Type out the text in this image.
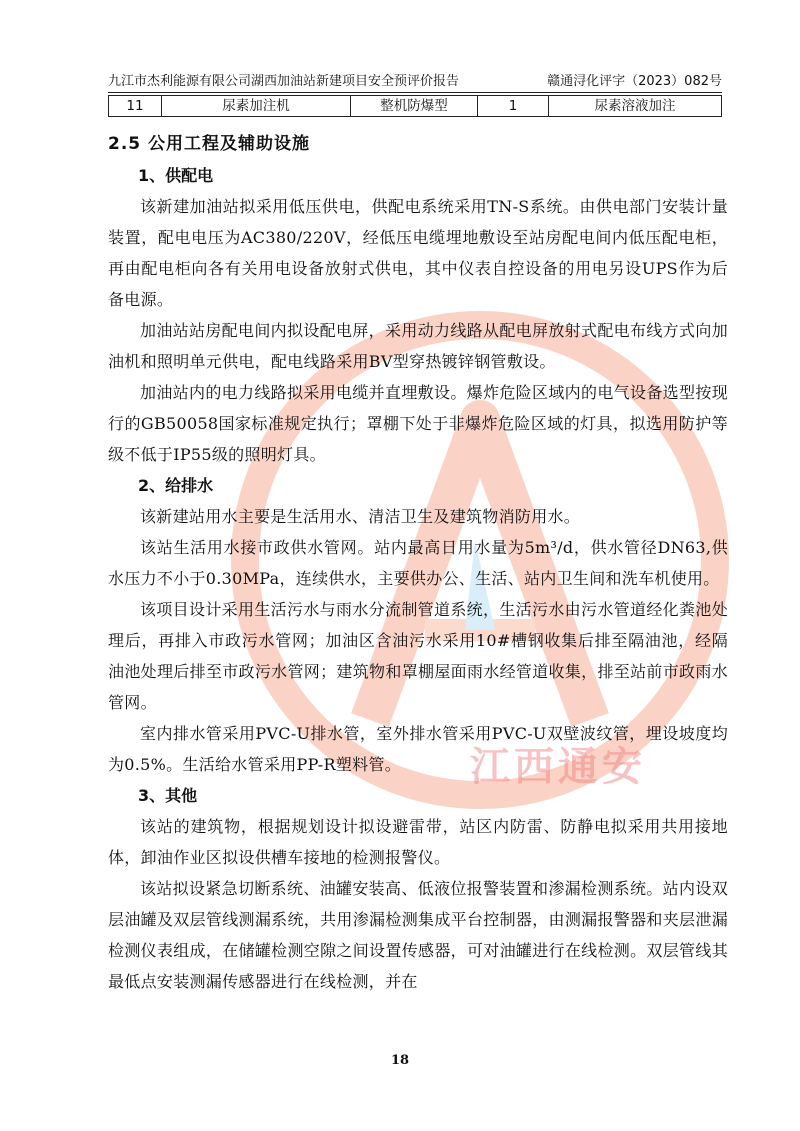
江西通安
九江市杰利能源有限公司湖西加油站新建项目安全预评价报告	赣通浔化评字（2023）082号
11	尿素加注机	整机防爆型	1	尿素溶液加注
2.5 公用工程及辅助设施
1、供配电

该新建加油站拟采用低压供电，供配电系统采用TN-S系统。由供电部门安装计量装置，配电电压为AC380/220V，经低压电缆埋地敷设至站房配电间内低压配电柜，再由配电柜向各有关用电设备放射式供电，其中仪表自控设备的用电另设UPS作为后备电源。

加油站站房配电间内拟设配电屏，采用动力线路从配电屏放射式配电布线方式向加油机和照明单元供电，配电线路采用BV型穿热镀锌钢管敷设。

加油站内的电力线路拟采用电缆并直埋敷设。爆炸危险区域内的电气设备选型按现行的GB50058国家标准规定执行；罩棚下处于非爆炸危险区域的灯具，拟选用防护等级不低于IP55级的照明灯具。

2、给排水

该新建站用水主要是生活用水、清洁卫生及建筑物消防用水。

该站生活用水接市政供水管网。站内最高日用水量为5m³/d，供水管径DN63,供水压力不小于0.30MPa，连续供水，主要供办公、生活、站内卫生间和洗车机使用。

该项目设计采用生活污水与雨水分流制管道系统，生活污水由污水管道经化粪池处理后，再排入市政污水管网；加油区含油污水采用10#槽钢收集后排至隔油池，经隔油池处理后排至市政污水管网；建筑物和罩棚屋面雨水经管道收集，排至站前市政雨水管网。

室内排水管采用PVC-U排水管，室外排水管采用PVC-U双壁波纹管，埋设坡度均为0.5%。生活给水管采用PP-R塑料管。

3、其他

该站的建筑物，根据规划设计拟设避雷带，站区内防雷、防静电拟采用共用接地体，卸油作业区拟设供槽车接地的检测报警仪。

该站拟设紧急切断系统、油罐安装高、低液位报警装置和渗漏检测系统。站内设双层油罐及双层管线测漏系统，共用渗漏检测集成平台控制器，由测漏报警器和夹层泄漏检测仪表组成，在储罐检测空隙之间设置传感器，可对油罐进行在线检测。双层管线其最低点安装测漏传感器进行在线检测，并在

18
